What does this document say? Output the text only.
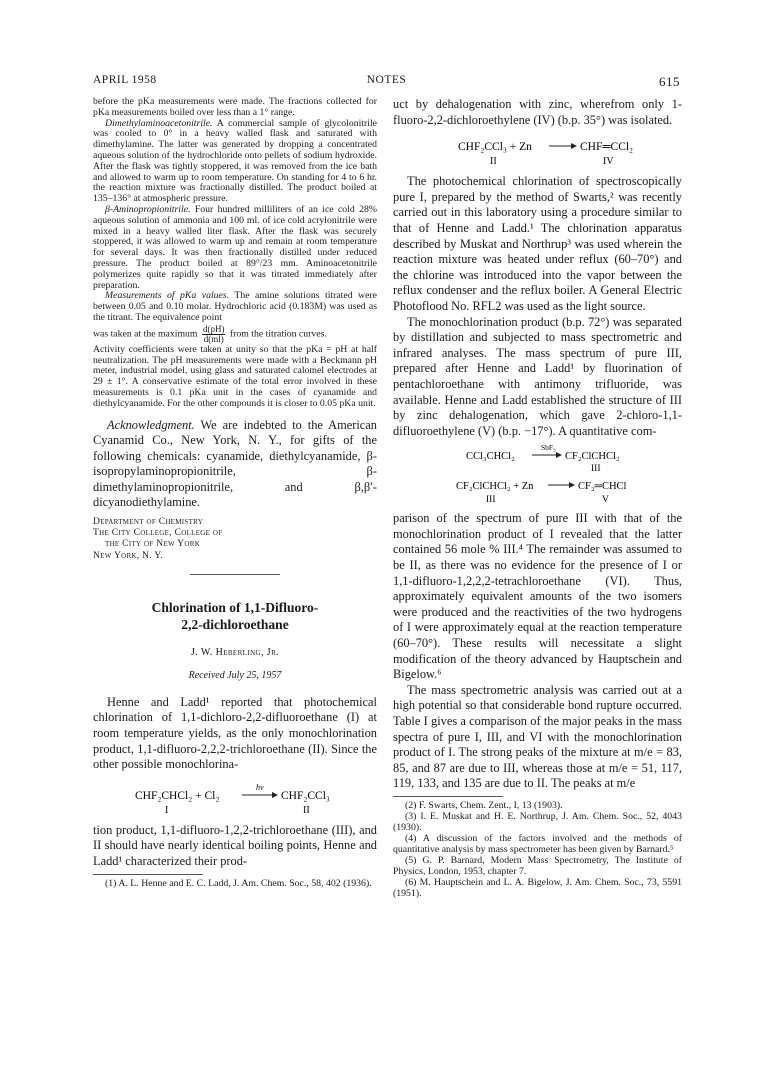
APRIL 1958	NOTES	615

before the pKa measurements were made. The fractions collected for pKa measurements boiled over less than a 1° range.

Dimethylaminoacetonitrile. A commercial sample of glycolonitrile was cooled to 0° in a heavy walled flask and saturated with dimethylamine. The latter was generated by dropping a concentrated aqueous solution of the hydrochloride onto pellets of sodium hydroxide. After the flask was tightly stoppered, it was removed from the ice bath and allowed to warm up to room temperature. On standing for 4 to 6 hr. the reaction mixture was fractionally distilled. The product boiled at 135–136° at atmospheric pressure.

β-Aminopropionitrile. Four hundred milliliters of an ice cold 28% aqueous solution of ammonia and 100 ml. of ice cold acrylonitrile were mixed in a heavy walled liter flask. After the flask was securely stoppered, it was allowed to warm up and remain at room temperature for several days. It was then fractionally distilled under reduced pressure. The product boiled at 89°/23 mm. Aminoacetonitrile polymerizes quite rapidly so that it was titrated immediately after preparation.

Measurements of pKa values. The amine solutions titrated were between 0.05 and 0.10 molar. Hydrochloric acid (0.183M) was used as the titrant. The equivalence point

was taken at the maximum $\frac{d(pH)}{d(ml)}$ from the titration curves.

Activity coefficients were taken at unity so that the pKa = pH at half neutralization. The pH measurements were made with a Beckmann pH meter, industrial model, using glass and saturated calomel electrodes at 29 ± 1°. A conservative estimate of the total error involved in these measurements is 0.1 pKa unit in the cases of cyanamide and diethylcyanamide. For the other compounds it is closer to 0.05 pKa unit.

Acknowledgment. We are indebted to the American Cyanamid Co., New York, N. Y., for gifts of the following chemicals: cyanamide, diethylcyanamide, β-isopropylaminopropionitrile, β-dimethylaminopropionitrile, and β,β′-dicyanodiethylamine.

Department of Chemistry
The City College, College of
the City of New York
New York, N. Y.
Chlorination of 1,1-Difluoro-
2,2-dichloroethane
J. W. Heberling, Jr.
Received July 25, 1957

Henne and Ladd¹ reported that photochemical chlorination of 1,1-dichloro-2,2-difluoroethane (I) at room temperature yields, as the only monochlorination product, 1,1-difluoro-2,2,2-trichloroethane (II). Since the other possible monochlorina-

CHF₂CHCl₂ + Cl₂
hν
CHF₂CCl₃
I	II

tion product, 1,1-difluoro-1,2,2-trichloroethane (III), and II should have nearly identical boiling points, Henne and Ladd¹ characterized their prod-

(1) A. L. Henne and E. C. Ladd, J. Am. Chem. Soc., 58, 402 (1936).

uct by dehalogenation with zinc, wherefrom only 1-fluoro-2,2-dichloroethylene (IV) (b.p. 35°) was isolated.

CHF₂CCl₃ + Zn	CHF═CCl₂
II	IV

The photochemical chlorination of spectroscopically pure I, prepared by the method of Swarts,² was recently carried out in this laboratory using a procedure similar to that of Henne and Ladd.¹ The chlorination apparatus described by Muskat and Northrup³ was used wherein the reaction mixture was heated under reflux (60–70°) and the chlorine was introduced into the vapor between the reflux condenser and the reflux boiler. A General Electric Photoflood No. RFL2 was used as the light source.

The monochlorination product (b.p. 72°) was separated by distillation and subjected to mass spectrometric and infrared analyses. The mass spectrum of pure III, prepared after Henne and Ladd¹ by fluorination of pentachloroethane with antimony trifluoride, was available. Henne and Ladd established the structure of III by zinc dehalogenation, which gave 2-chloro-1,1-difluoroethylene (V) (b.p. −17°). A quantitative com-

CCl₃CHCl₂
SbF₃
CF₂ClCHCl₂
III
CF₂ClCHCl₂ + Zn	CF₂═CHCl
III	V

parison of the spectrum of pure III with that of the monochlorination product of I revealed that the latter contained 56 mole % III.⁴ The remainder was assumed to be II, as there was no evidence for the presence of I or 1,1-difluoro-1,2,2,2-tetrachloroethane (VI). Thus, approximately equivalent amounts of the two isomers were produced and the reactivities of the two hydrogens of I were approximately equal at the reaction temperature (60–70°). These results will necessitate a slight modification of the theory advanced by Hauptschein and Bigelow.⁶

The mass spectrometric analysis was carried out at a high potential so that considerable bond rupture occurred. Table I gives a comparison of the major peaks in the mass spectra of pure I, III, and VI with the monochlorination product of I. The strong peaks of the mixture at m/e = 83, 85, and 87 are due to III, whereas those at m/e = 51, 117, 119, 133, and 135 are due to II. The peaks at m/e

(2) F. Swarts, Chem. Zent., I, 13 (1903).

(3) I. E. Muskat and H. E. Northrup, J. Am. Chem. Soc., 52, 4043 (1930).

(4) A discussion of the factors involved and the methods of quantitative analysis by mass spectrometer has been given by Barnard.⁵

(5) G. P. Barnard, Modern Mass Spectrometry, The Institute of Physics, London, 1953, chapter 7.

(6) M. Hauptschein and L. A. Bigelow, J. Am. Chem. Soc., 73, 5591 (1951).
